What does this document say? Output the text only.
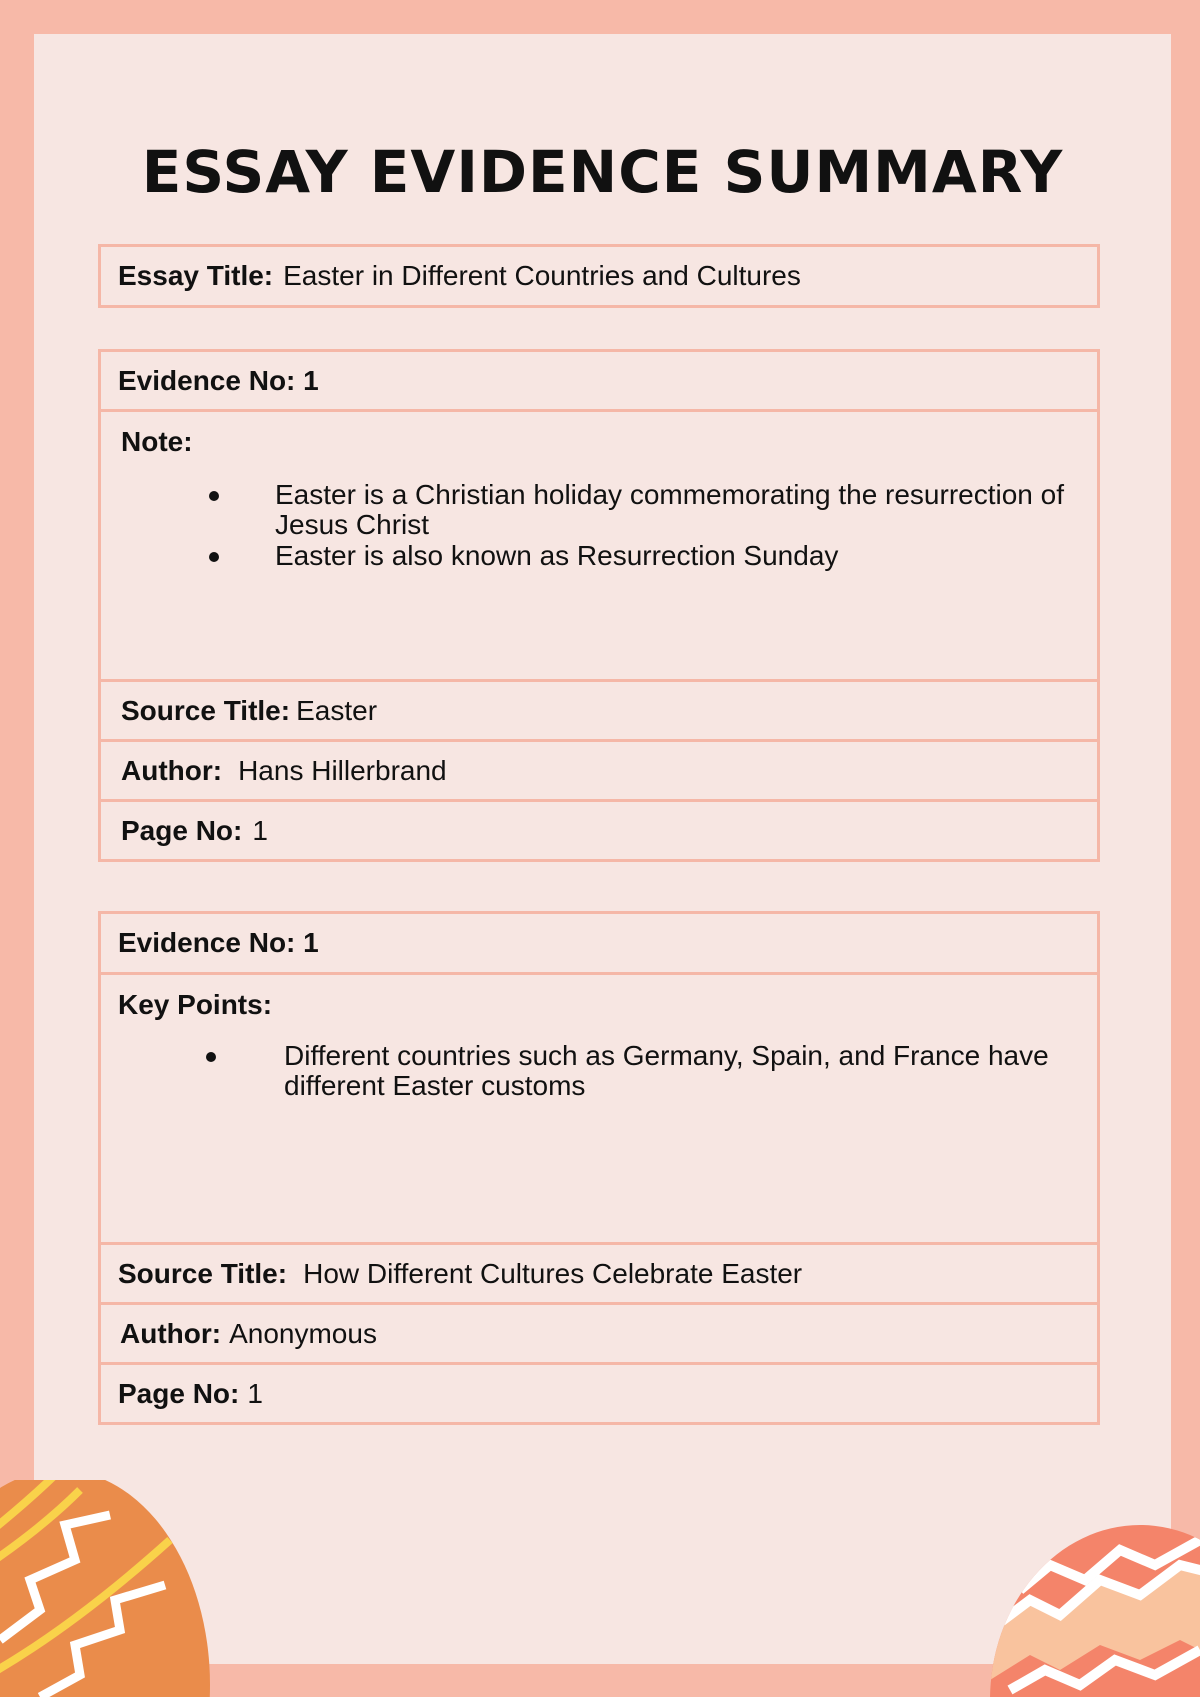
ESSAY EVIDENCE SUMMARY
Essay Title: Easter in Different Countries and Cultures
Evidence No: 1
Note:
Easter is a Christian holiday commemorating the resurrection of Jesus Christ
Easter is also known as Resurrection Sunday
Source Title: Easter
Author: Hans Hillerbrand
Page No: 1
Evidence No: 1
Key Points:
Different countries such as Germany, Spain, and France have different Easter customs
Source Title: How Different Cultures Celebrate Easter
Author: Anonymous
Page No: 1
